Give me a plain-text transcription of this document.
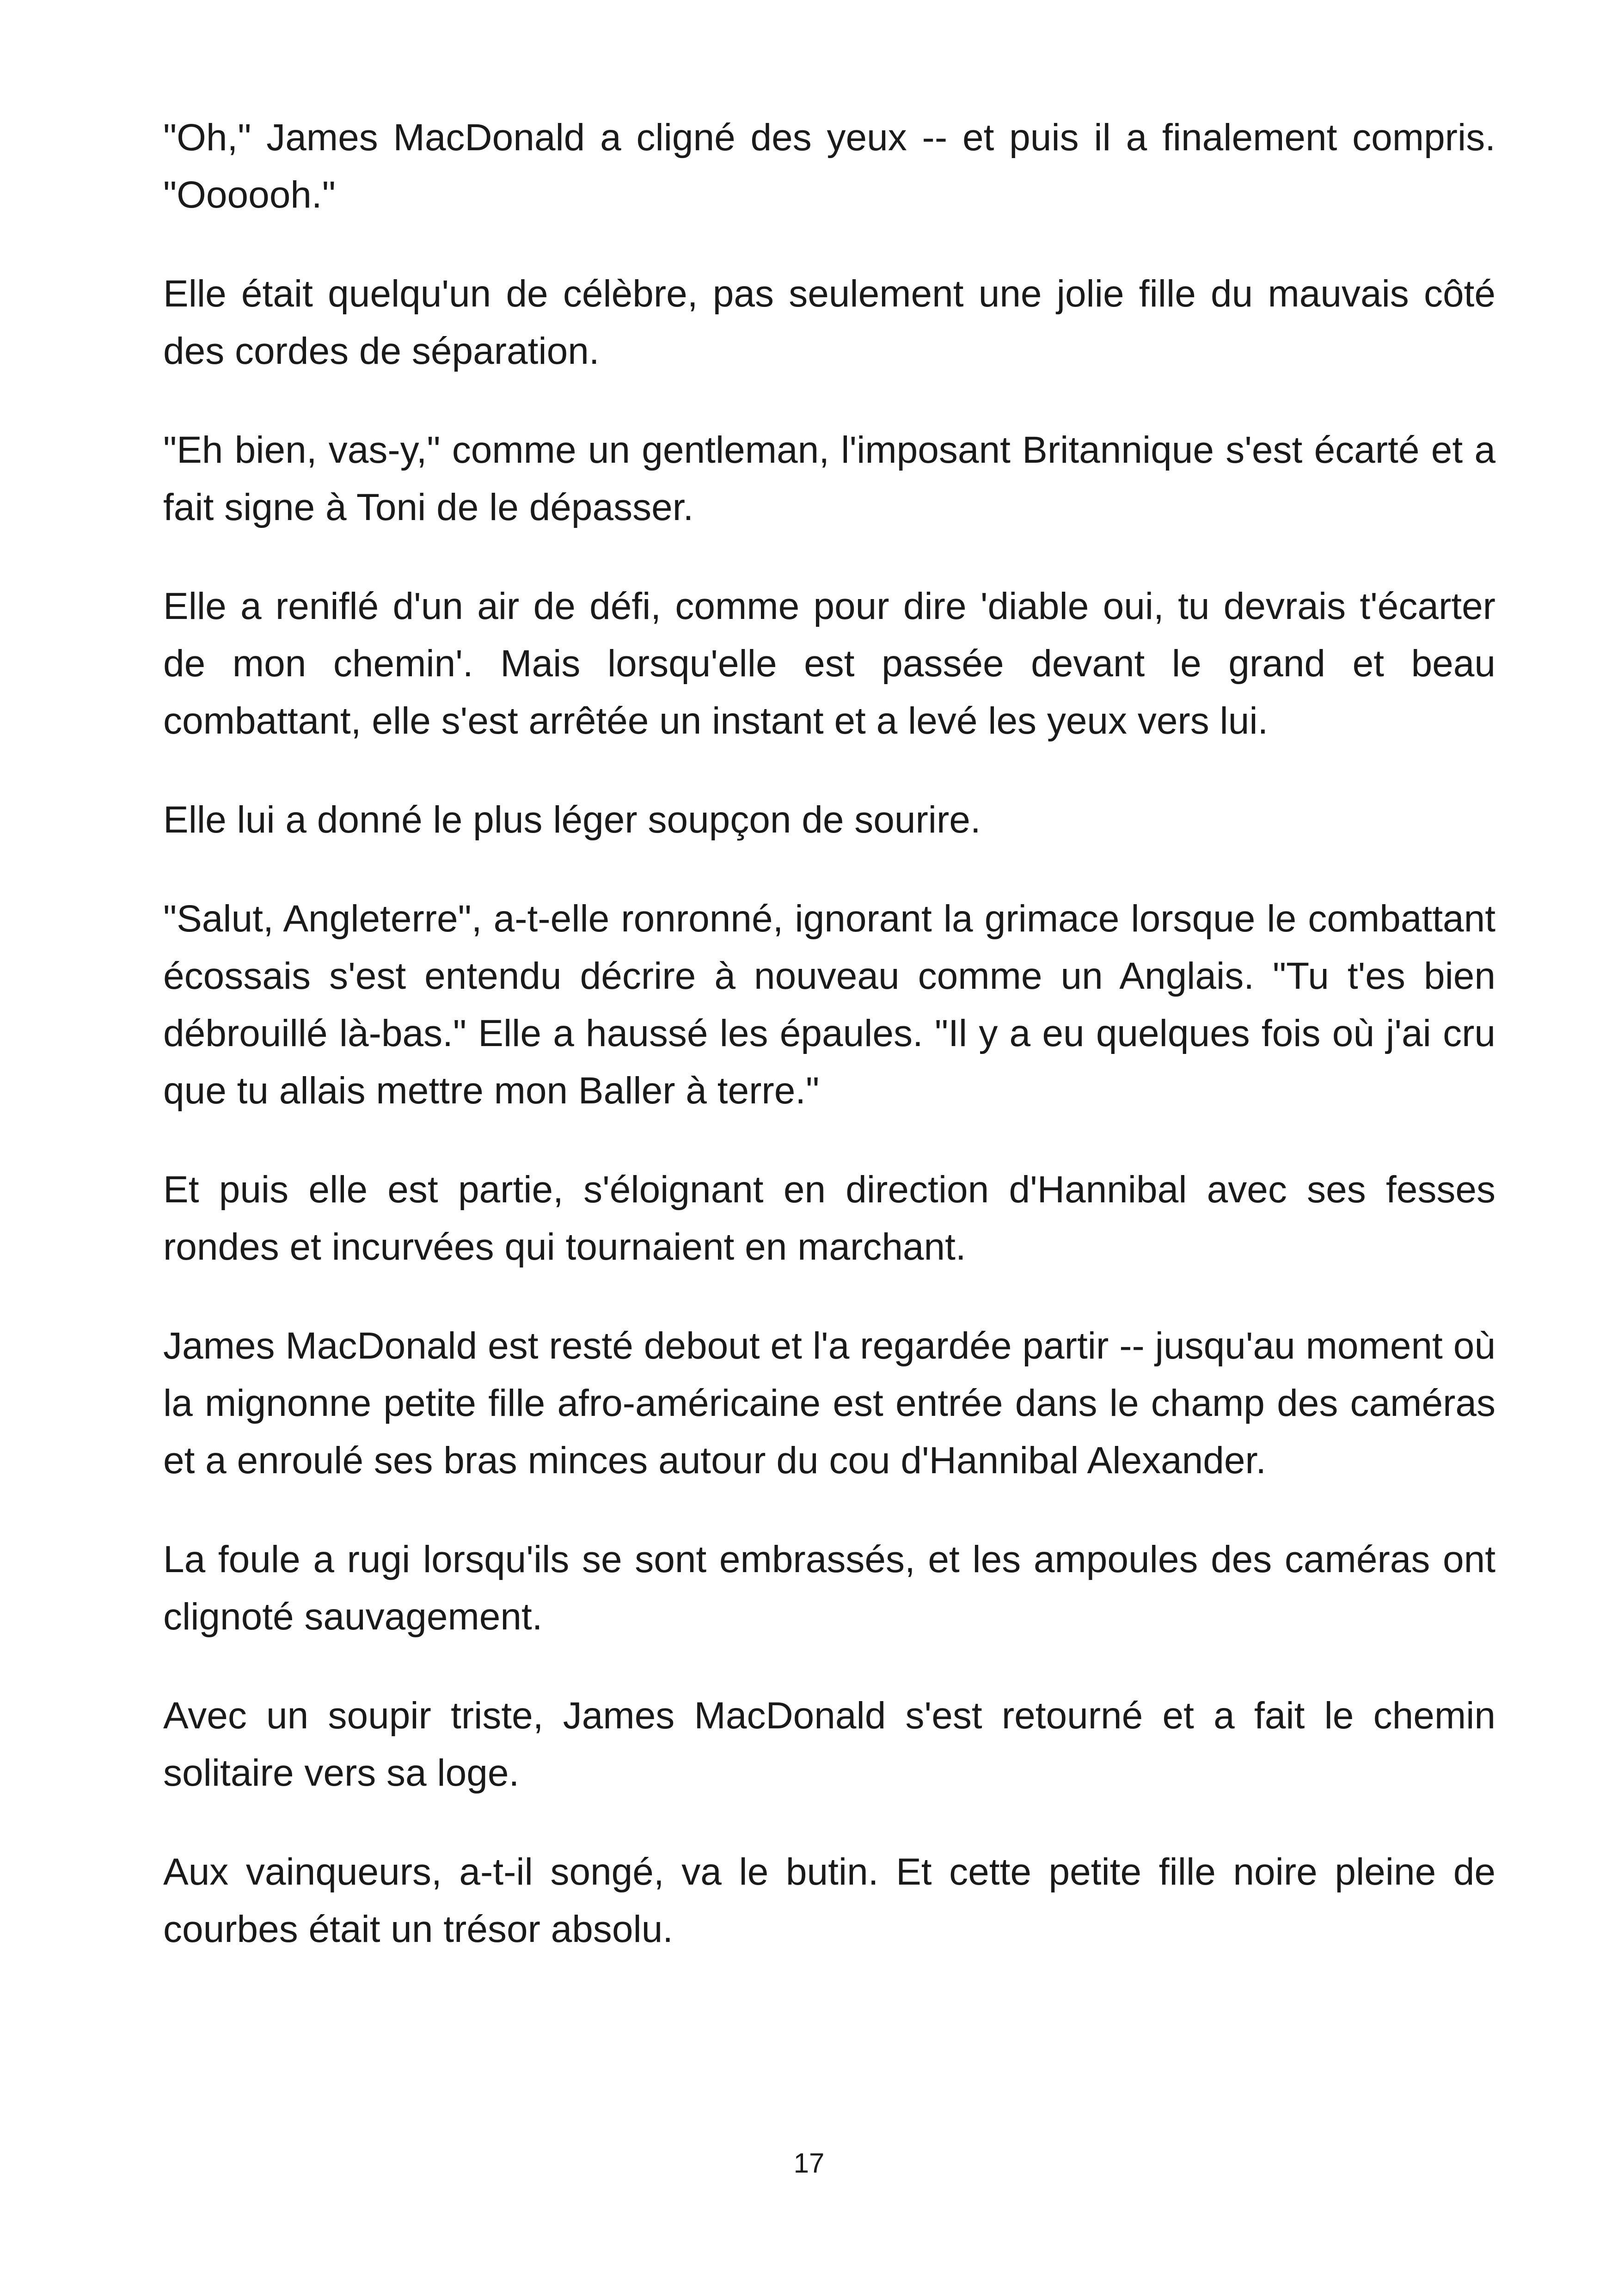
"Oh," James MacDonald a cligné des yeux -- et puis il a finalement compris. "Oooooh."

Elle était quelqu'un de célèbre, pas seulement une jolie fille du mauvais côté des cordes de séparation.

"Eh bien, vas-y," comme un gentleman, l'imposant Britannique s'est écarté et a fait signe à Toni de le dépasser.

Elle a reniflé d'un air de défi, comme pour dire 'diable oui, tu devrais t'écarter de mon chemin'. Mais lorsqu'elle est passée devant le grand et beau combattant, elle s'est arrêtée un instant et a levé les yeux vers lui.

Elle lui a donné le plus léger soupçon de sourire.

"Salut, Angleterre", a-t-elle ronronné, ignorant la grimace lorsque le combattant écossais s'est entendu décrire à nouveau comme un Anglais. "Tu t'es bien débrouillé là-bas." Elle a haussé les épaules. "Il y a eu quelques fois où j'ai cru que tu allais mettre mon Baller à terre."

Et puis elle est partie, s'éloignant en direction d'Hannibal avec ses fesses rondes et incurvées qui tournaient en marchant.

James MacDonald est resté debout et l'a regardée partir -- jusqu'au moment où la mignonne petite fille afro-américaine est entrée dans le champ des caméras et a enroulé ses bras minces autour du cou d'Hannibal Alexander.

La foule a rugi lorsqu'ils se sont embrassés, et les ampoules des caméras ont clignoté sauvagement.

Avec un soupir triste, James MacDonald s'est retourné et a fait le chemin solitaire vers sa loge.

Aux vainqueurs, a-t-il songé, va le butin. Et cette petite fille noire pleine de courbes était un trésor absolu.

17
